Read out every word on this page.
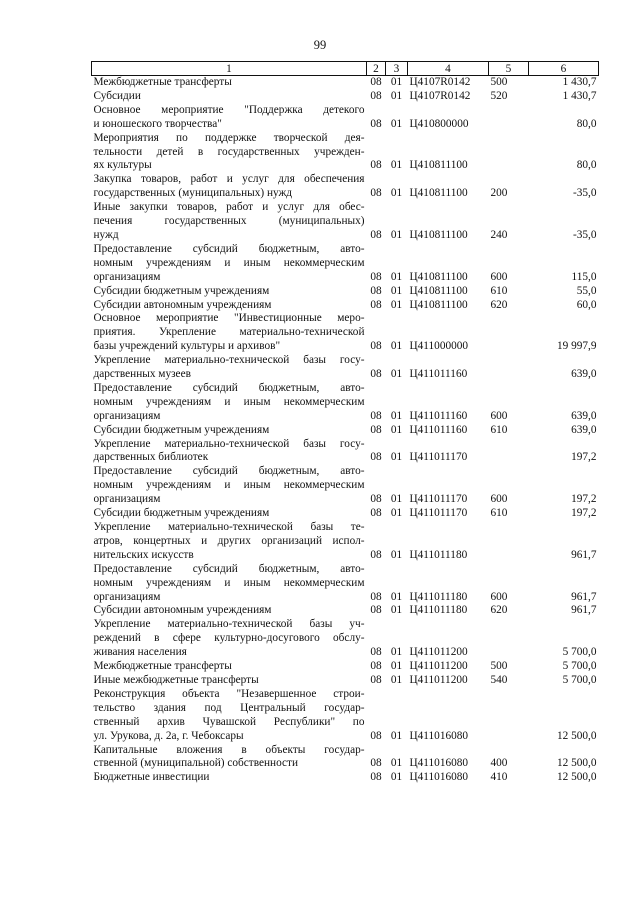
99
1	2	3	4	5	6

Межбюджетные трансферты	08	01	Ц4107R0142	500	1 430,7

Субсидии	08	01	Ц4107R0142	520	1 430,7

Основное мероприятие "Поддержка детекого
и юношеского творчества"	08	01	Ц410800000		80,0

Мероприятия по поддержке творческой дея-
тельности детей в государственных учрежден-
ях культуры	08	01	Ц410811100		80,0

Закупка товаров, работ и услуг для обеспечения
государственных (муниципальных) нужд	08	01	Ц410811100	200	-35,0

Иные закупки товаров, работ и услуг для обес-
печения государственных (муниципальных)
нужд	08	01	Ц410811100	240	-35,0

Предоставление субсидий бюджетным, авто-
номным учреждениям и иным некоммерческим
организациям	08	01	Ц410811100	600	115,0

Субсидии бюджетным учреждениям	08	01	Ц410811100	610	55,0

Субсидии автономным учреждениям	08	01	Ц410811100	620	60,0

Основное мероприятие "Инвестиционные меро-
приятия. Укрепление материально-технической
базы учреждений культуры и архивов"	08	01	Ц411000000		19 997,9

Укрепление материально-технической базы госу-
дарственных музеев	08	01	Ц411011160		639,0

Предоставление субсидий бюджетным, авто-
номным учреждениям и иным некоммерческим
организациям	08	01	Ц411011160	600	639,0

Субсидии бюджетным учреждениям	08	01	Ц411011160	610	639,0

Укрепление материально-технической базы госу-
дарственных библиотек	08	01	Ц411011170		197,2

Предоставление субсидий бюджетным, авто-
номным учреждениям и иным некоммерческим
организациям	08	01	Ц411011170	600	197,2

Субсидии бюджетным учреждениям	08	01	Ц411011170	610	197,2

Укрепление материально-технической базы те-
атров, концертных и других организаций испол-
нительских искусств	08	01	Ц411011180		961,7

Предоставление субсидий бюджетным, авто-
номным учреждениям и иным некоммерческим
организациям	08	01	Ц411011180	600	961,7

Субсидии автономным учреждениям	08	01	Ц411011180	620	961,7

Укрепление материально-технической базы уч-
реждений в сфере культурно-досугового обслу-
живания населения	08	01	Ц411011200		5 700,0

Межбюджетные трансферты	08	01	Ц411011200	500	5 700,0

Иные межбюджетные трансферты	08	01	Ц411011200	540	5 700,0

Реконструкция объекта "Незавершенное строи-
тельство здания под Центральный государ-
ственный архив Чувашской Республики" по
ул. Урукова, д. 2а, г. Чебоксары	08	01	Ц411016080		12 500,0

Капитальные вложения в объекты государ-
ственной (муниципальной) собственности	08	01	Ц411016080	400	12 500,0

Бюджетные инвестиции	08	01	Ц411016080	410	12 500,0
